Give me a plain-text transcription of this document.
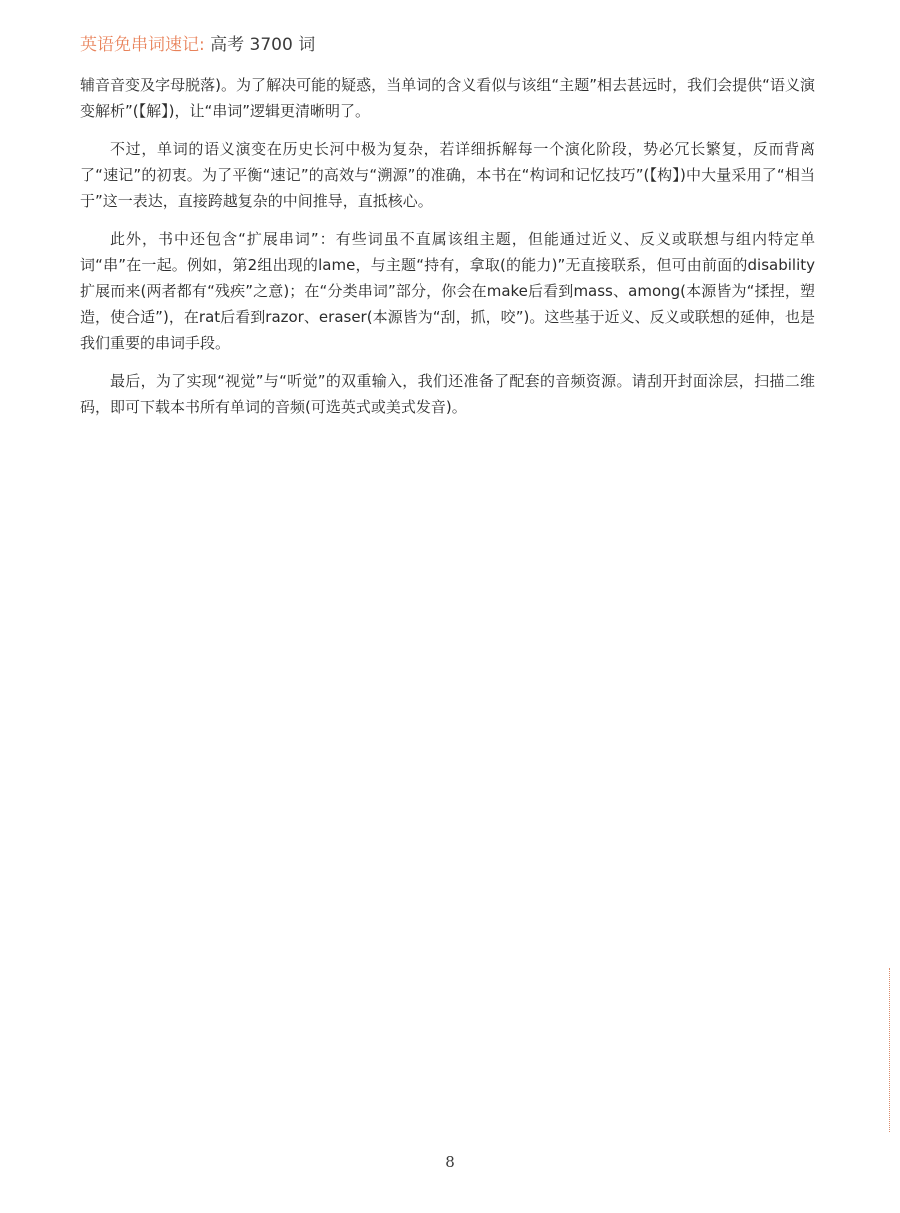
英语免串词速记: 高考 3700 词

辅音音变及字母脱落)。为了解决可能的疑惑，当单词的含义看似与该组“主题”相去甚远时，我们会提供“语义演变解析”(【解】)，让“串词”逻辑更清晰明了。

不过，单词的语义演变在历史长河中极为复杂，若详细拆解每一个演化阶段，势必冗长繁复，反而背离了“速记”的初衷。为了平衡“速记”的高效与“溯源”的准确，本书在“构词和记忆技巧”(【构】)中大量采用了“相当于”这一表达，直接跨越复杂的中间推导，直抵核心。

此外，书中还包含“扩展串词”：有些词虽不直属该组主题，但能通过近义、反义或联想与组内特定单词“串”在一起。例如，第2组出现的lame，与主题“持有，拿取(的能力)”无直接联系，但可由前面的disability扩展而来(两者都有“残疾”之意)；在“分类串词”部分，你会在make后看到mass、among(本源皆为“揉捏，塑造，使合适”)，在rat后看到razor、eraser(本源皆为“刮，抓，咬”)。这些基于近义、反义或联想的延伸，也是我们重要的串词手段。

最后，为了实现“视觉”与“听觉”的双重输入，我们还准备了配套的音频资源。请刮开封面涂层，扫描二维码，即可下载本书所有单词的音频(可选英式或美式发音)。

8
